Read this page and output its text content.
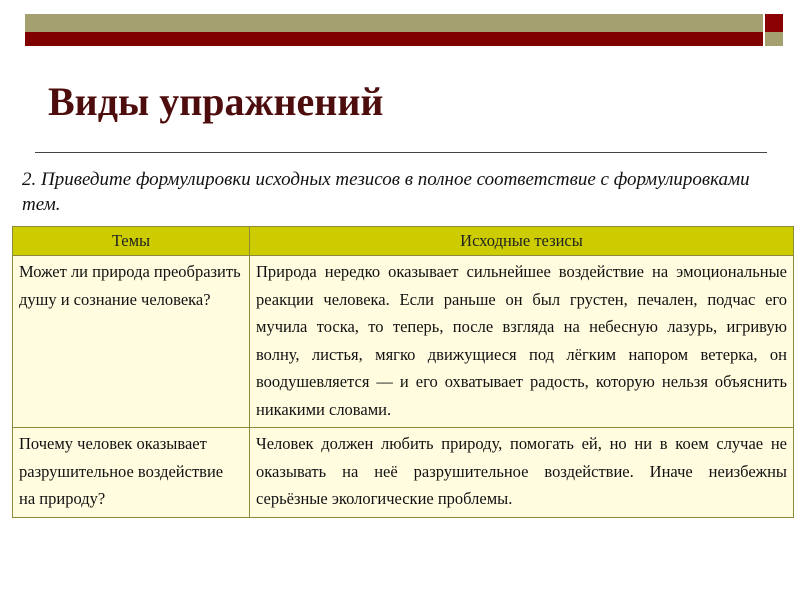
Виды упражнений

2. Приведите формулировки исходных тезисов в полное соответствие с формулировками тем.

Темы	Исходные тезисы
Может ли природа преобразить душу и сознание человека?	Природа нередко оказывает сильнейшее воздействие на эмоциональные реакции человека. Если раньше он был грустен, печален, подчас его мучила тоска, то теперь, после взгляда на небесную лазурь, игривую волну, листья, мягко движущиеся под лёгким напором ветерка, он воодушевляется — и его охватывает радость, которую нельзя объяснить никакими словами.
Почему человек оказывает разрушительное воздействие на природу?	Человек должен любить природу, помогать ей, но ни в коем случае не оказывать на неё разрушительное воздействие. Иначе неизбежны серьёзные экологические проблемы.
